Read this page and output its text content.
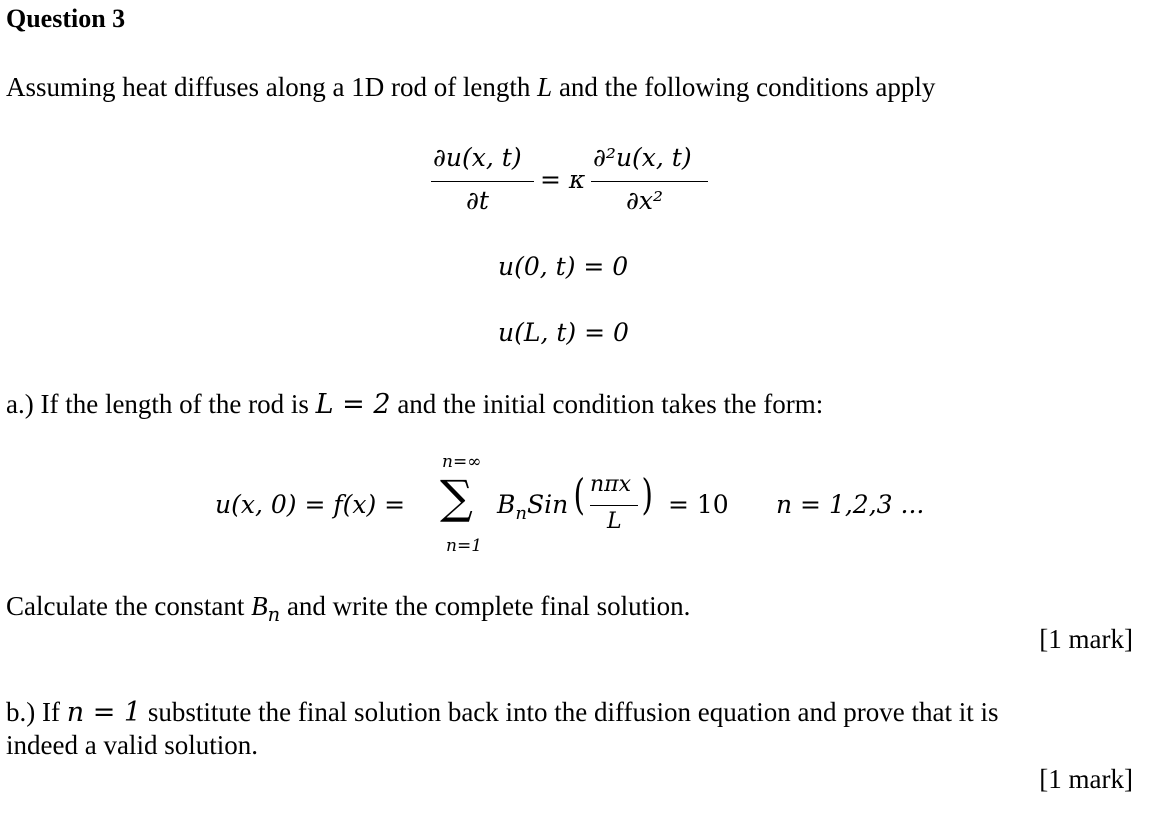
Question 3
Assuming heat diffuses along a 1D rod of length L and the following conditions apply
∂u(x, t)
∂t
= κ
∂²u(x, t)
∂x²
u(0, t) = 0
u(L, t) = 0
a.) If the length of the rod is L = 2 and the initial condition takes the form:
u(x, 0) = f(x) =
n=∞
∑
n=1
$B_nSin$ ( nπx
L
) = 10 n = 1,2,3 ...
Calculate the constant $B_n$ and write the complete final solution.
[1 mark]
b.) If n = 1 substitute the final solution back into the diffusion equation and prove that it is
indeed a valid solution.
[1 mark]
